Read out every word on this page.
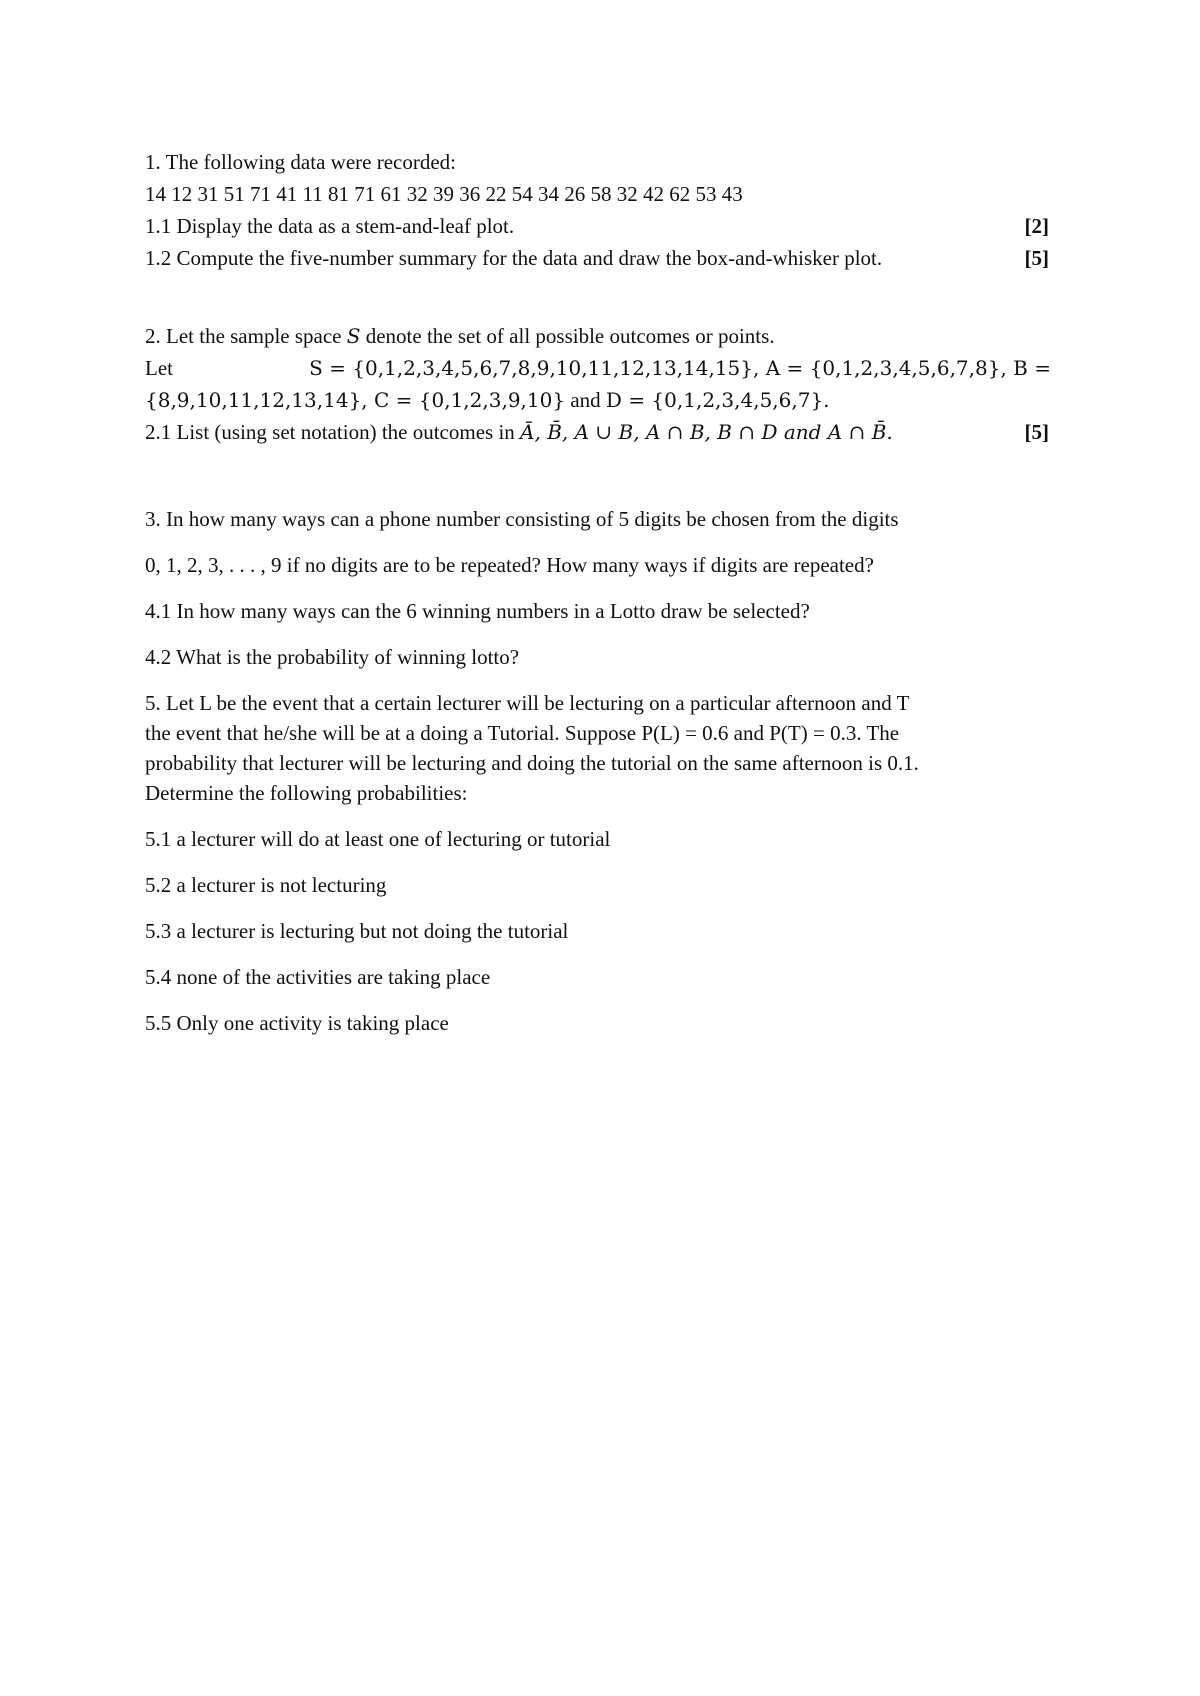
1. The following data were recorded:
14 12 31 51 71 41 11 81 71 61 32 39 36 22 54 34 26 58 32 42 62 53 43
1.1 Display the data as a stem-and-leaf plot.	[2]
1.2 Compute the five-number summary for the data and draw the box-and-whisker plot.	[5]
2. Let the sample space S denote the set of all possible outcomes or points.
Let	S = {0,1,2,3,4,5,6,7,8,9,10,11,12,13,14,15}, A = {0,1,2,3,4,5,6,7,8}, B =
{8,9,10,11,12,13,14}, C = {0,1,2,3,9,10} and D = {0,1,2,3,4,5,6,7}.
2.1 List (using set notation) the outcomes in Ā, B̄, A ∪ B, A ∩ B, B ∩ D and A ∩ B̄.	[5]
3. In how many ways can a phone number consisting of 5 digits be chosen from the digits
0, 1, 2, 3, . . . , 9 if no digits are to be repeated? How many ways if digits are repeated?
4.1 In how many ways can the 6 winning numbers in a Lotto draw be selected?
4.2 What is the probability of winning lotto?
5. Let L be the event that a certain lecturer will be lecturing on a particular afternoon and T
the event that he/she will be at a doing a Tutorial. Suppose P(L) = 0.6 and P(T) = 0.3. The
probability that lecturer will be lecturing and doing the tutorial on the same afternoon is 0.1.
Determine the following probabilities:
5.1 a lecturer will do at least one of lecturing or tutorial
5.2 a lecturer is not lecturing
5.3 a lecturer is lecturing but not doing the tutorial
5.4 none of the activities are taking place
5.5 Only one activity is taking place
